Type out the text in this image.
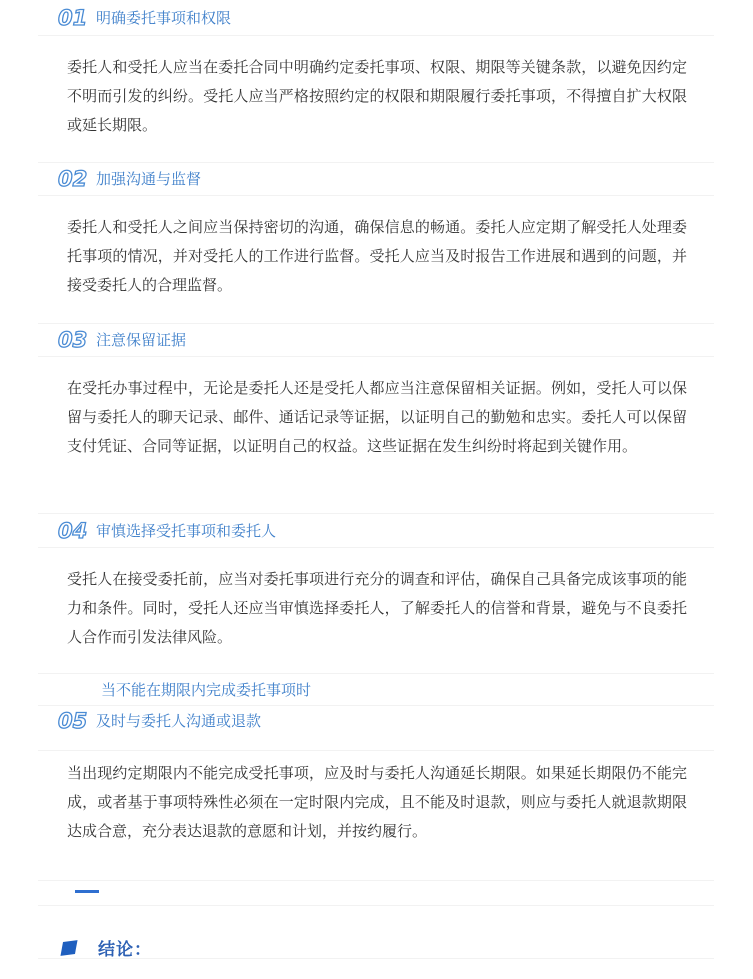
01 明确委托事项和权限

委托人和受托人应当在委托合同中明确约定委托事项、权限、期限等关键条款，以避免因约定不明而引发的纠纷。受托人应当严格按照约定的权限和期限履行委托事项，不得擅自扩大权限或延长期限。

02 加强沟通与监督

委托人和受托人之间应当保持密切的沟通，确保信息的畅通。委托人应定期了解受托人处理委托事项的情况，并对受托人的工作进行监督。受托人应当及时报告工作进展和遇到的问题，并接受委托人的合理监督。

03 注意保留证据

在受托办事过程中，无论是委托人还是受托人都应当注意保留相关证据。例如，受托人可以保留与委托人的聊天记录、邮件、通话记录等证据，以证明自己的勤勉和忠实。委托人可以保留支付凭证、合同等证据，以证明自己的权益。这些证据在发生纠纷时将起到关键作用。

04 审慎选择受托事项和委托人

受托人在接受委托前，应当对委托事项进行充分的调查和评估，确保自己具备完成该事项的能力和条件。同时，受托人还应当审慎选择委托人，了解委托人的信誉和背景，避免与不良委托人合作而引发法律风险。

当不能在期限内完成委托事项时
05 及时与委托人沟通或退款

当出现约定期限内不能完成受托事项，应及时与委托人沟通延长期限。如果延长期限仍不能完成，或者基于事项特殊性必须在一定时限内完成，且不能及时退款，则应与委托人就退款期限达成合意，充分表达退款的意愿和计划，并按约履行。

结论：
